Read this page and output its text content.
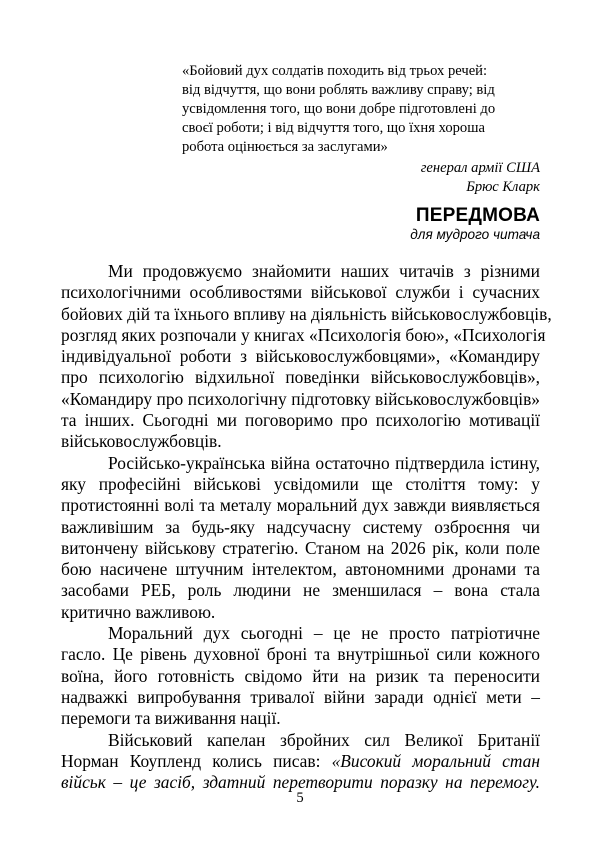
«Бойовий дух солдатів походить від трьох речей:
від відчуття, що вони роблять важливу справу; від
усвідомлення того, що вони добре підготовлені до
своєї роботи; і від відчуття того, що їхня хороша
робота оцінюється за заслугами»

генерал армії США
Брюс Кларк

ПЕРЕДМОВА

для мудрого читача

Ми продовжуємо знайомити наших читачів з різними
психологічними особливостями військової служби і сучасних
бойових дій та їхнього впливу на діяльність військовослужбовців,
розгляд яких розпочали у книгах «Психологія бою», «Психологія
індивідуальної роботи з військовослужбовцями», «Командиру
про психологію відхильної поведінки військовослужбовців»,
«Командиру про психологічну підготовку військовослужбовців»
та інших. Сьогодні ми поговоримо про психологію мотивації
військовослужбовців.

Російсько-українська війна остаточно підтвердила істину,
яку професійні військові усвідомили ще століття тому: у
протистоянні волі та металу моральний дух завжди виявляється
важливішим за будь-яку надсучасну систему озброєння чи
витончену військову стратегію. Станом на 2026 рік, коли поле
бою насичене штучним інтелектом, автономними дронами та
засобами РЕБ, роль людини не зменшилася – вона стала
критично важливою.

Моральний дух сьогодні – це не просто патріотичне
гасло. Це рівень духовної броні та внутрішньої сили кожного
воїна, його готовність свідомо йти на ризик та переносити
надважкі випробування тривалої війни заради однієї мети –
перемоги та виживання нації.

Військовий капелан збройних сил Великої Британії
Норман Коупленд колись писав: «Високий моральний стан
військ – це засіб, здатний перетворити поразку на перемогу.

5
